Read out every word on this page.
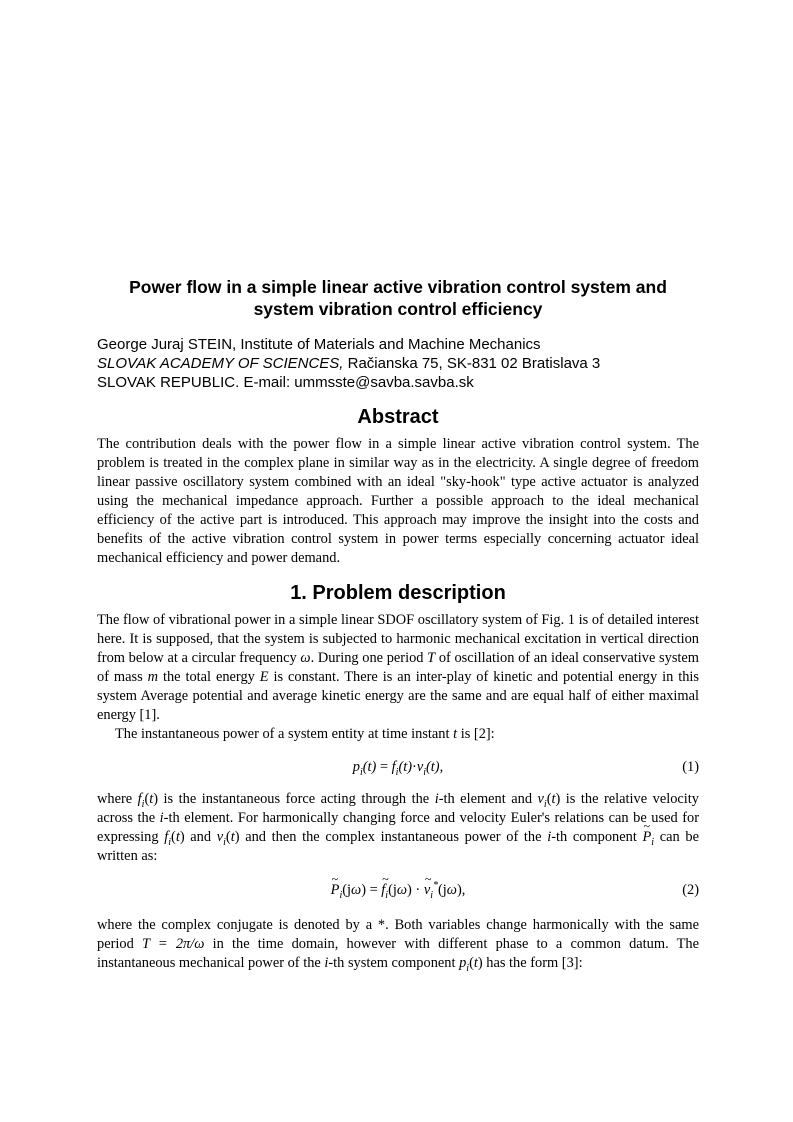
Power flow in a simple linear active vibration control system and
system vibration control efficiency
George Juraj STEIN, Institute of Materials and Machine Mechanics
SLOVAK ACADEMY OF SCIENCES, Račianska 75, SK-831 02 Bratislava 3
SLOVAK REPUBLIC. E-mail: ummsste@savba.savba.sk
Abstract

The contribution deals with the power flow in a simple linear active vibration control system. The problem is treated in the complex plane in similar way as in the electricity. A single degree of freedom linear passive oscillatory system combined with an ideal "sky-hook" type active actuator is analyzed using the mechanical impedance approach. Further a possible approach to the ideal mechanical efficiency of the active part is introduced. This approach may improve the insight into the costs and benefits of the active vibration control system in power terms especially concerning actuator ideal mechanical efficiency and power demand.

1. Problem description

The flow of vibrational power in a simple linear SDOF oscillatory system of Fig. 1 is of detailed interest here. It is supposed, that the system is subjected to harmonic mechanical excitation in vertical direction from below at a circular frequency ω. During one period T of oscillation of an ideal conservative system of mass m the total energy E is constant. There is an inter-play of kinetic and potential energy in this system Average potential and average kinetic energy are the same and are equal half of either maximal energy [1].

The instantaneous power of a system entity at time instant t is [2]:

$p_i(t) = f_i(t)\cdot v_i(t)$,	(1)

where $f_i(t)$ is the instantaneous force acting through the i-th element and $v_i(t)$ is the relative velocity across the i-th element. For harmonically changing force and velocity Euler's relations can be used for expressing $f_i(t)$ and $v_i(t)$ and then the complex instantaneous power of the i-th component ~ $P_i$ can be written as:

~ $P_i(j\omega)$ = ~ $f_i(j\omega)$ · ~ $v_i^*(j\omega)$,	(2)

where the complex conjugate is denoted by a *. Both variables change harmonically with the same period T = 2π/ω in the time domain, however with different phase to a common datum. The instantaneous mechanical power of the i-th system component $p_i(t)$ has the form [3]:
